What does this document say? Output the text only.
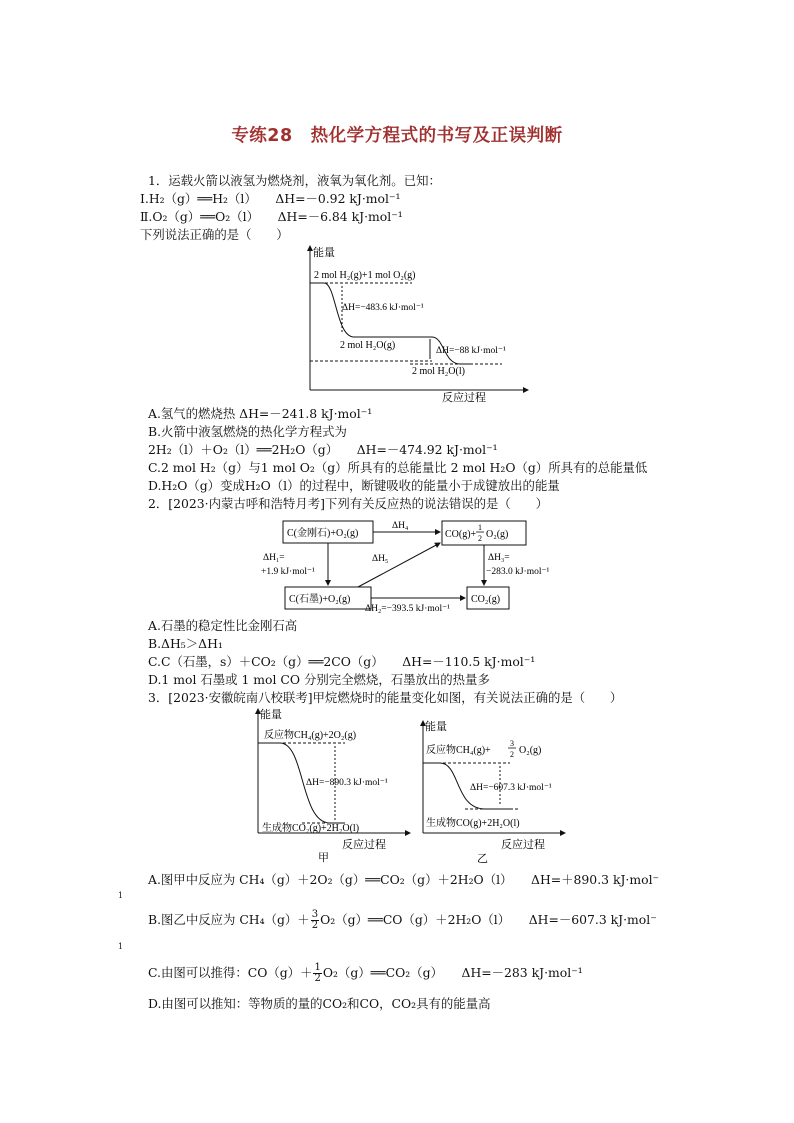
专练28　热化学方程式的书写及正误判断
1．运载火箭以液氢为燃烧剂，液氧为氧化剂。已知：
Ⅰ.H₂（g）══H₂（l）　　ΔH=－0.92 kJ·mol⁻¹
Ⅱ.O₂（g）══O₂（l）　　ΔH=－6.84 kJ·mol⁻¹
下列说法正确的是（　　）
能量
反应过程
2 mol H₂(g)+1 mol O₂(g)
ΔH=−483.6 kJ·mol⁻¹
2 mol H₂O(g)	ΔH=−88 kJ·mol⁻¹
2 mol H₂O(l)
A.氢气的燃烧热 ΔH=－241.8 kJ·mol⁻¹
B.火箭中液氢燃烧的热化学方程式为
2H₂（l）＋O₂（l）══2H₂O（g）　　ΔH=－474.92 kJ·mol⁻¹
C.2 mol H₂（g）与1 mol O₂（g）所具有的总能量比 2 mol H₂O（g）所具有的总能量低
D.H₂O（g）变成H₂O（l）的过程中，断键吸收的能量小于成键放出的能量
2．[2023·内蒙古呼和浩特月考]下列有关反应热的说法错误的是（　　）
C(金刚石)+O₂(g)	CO(g)+
1
2 O₂(g)
C(石墨)+O₂(g)	CO₂(g)
ΔH₄
ΔH₁=
+1.9 kJ·mol⁻¹
ΔH₅	ΔH₃=
−283.0 kJ·mol⁻¹
ΔH₂=−393.5 kJ·mol⁻¹
A.石墨的稳定性比金刚石高
B.ΔH₅＞ΔH₁
C.C（石墨，s）＋CO₂（g）══2CO（g）　　ΔH=－110.5 kJ·mol⁻¹
D.1 mol 石墨或 1 mol CO 分别完全燃烧，石墨放出的热量多
3．[2023·安徽皖南八校联考]甲烷燃烧时的能量变化如图，有关说法正确的是（　　）
能量
反应过程
甲
反应物CH₄(g)+2O₂(g)
ΔH=−890.3 kJ·mol⁻¹
生成物CO₂(g)+2H₂O(l)
能量
反应过程
乙
反应物CH₄(g)+
3
2 O₂(g)
ΔH=−607.3 kJ·mol⁻¹
生成物CO(g)+2H₂O(l)
A.图甲中反应为 CH₄（g）＋2O₂（g）══CO₂（g）＋2H₂O（l）　　ΔH=＋890.3 kJ·mol⁻
1
B.图乙中反应为 $CH_4(g)+ \frac{3}{2}$ O₂（g）══CO（g）＋2H₂O（l）　　ΔH=－607.3 kJ·mol⁻
1
C.由图可以推得：$CO(g)+ \frac{1}{2}$ O₂（g）══CO₂（g）　　ΔH=－283 kJ·mol⁻¹
D.由图可以推知：等物质的量的CO₂和CO，CO₂具有的能量高
